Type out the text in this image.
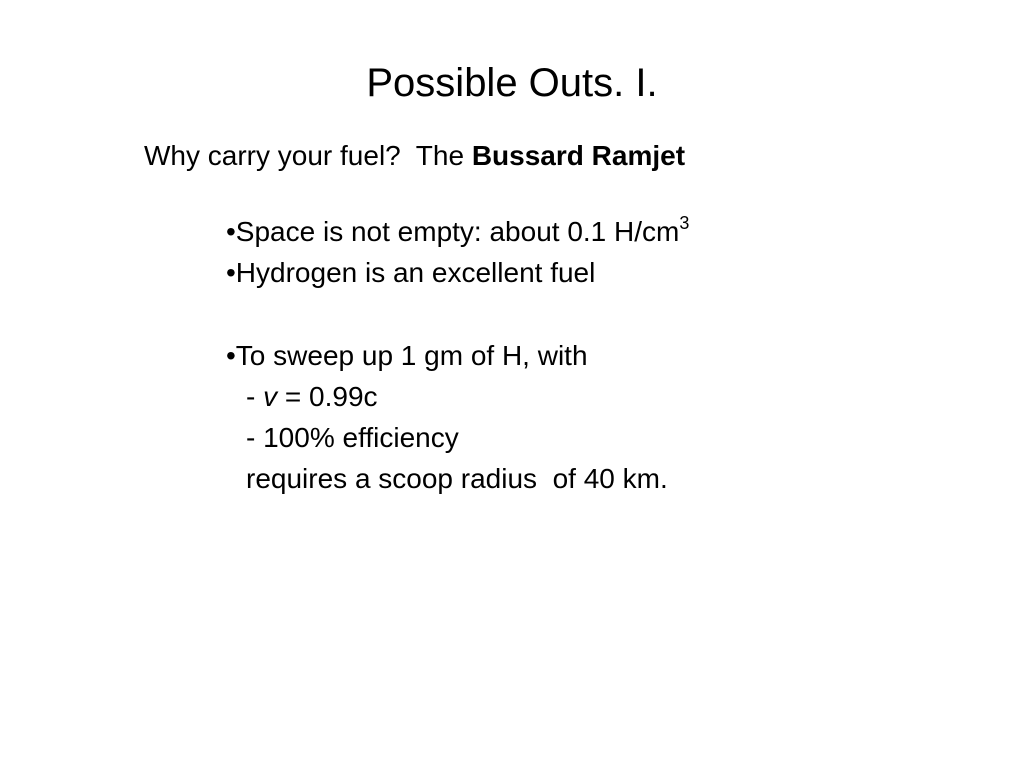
Possible Outs. I.
Why carry your fuel?  The Bussard Ramjet
•Space is not empty: about 0.1 $H/cm^3$
•Hydrogen is an excellent fuel
•To sweep up 1 gm of H, with
- v = 0.99c
- 100% efficiency
requires a scoop radius  of 40 km.
